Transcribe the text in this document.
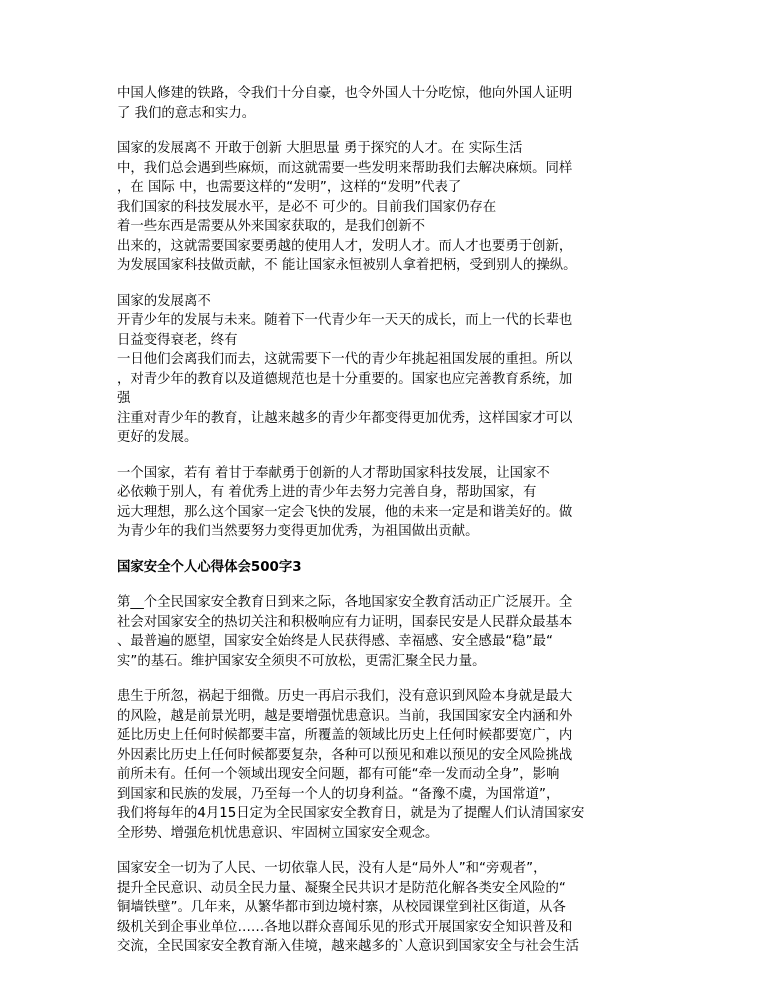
中国人修建的铁路，令我们十分自豪，也令外国人十分吃惊，他向外国人证明
了 我们的意志和实力。
国家的发展离不 开敢于创新 大胆思量 勇于探究的人才。在 实际生活
中，我们总会遇到些麻烦，而这就需要一些发明来帮助我们去解决麻烦。同样
，在 国际 中，也需要这样的“发明”，这样的“发明”代表了
我们国家的科技发展水平，是必不 可少的。目前我们国家仍存在
着一些东西是需要从外来国家获取的，是我们创新不
出来的，这就需要国家要勇越的使用人才，发明人才。而人才也要勇于创新，
为发展国家科技做贡献，不 能让国家永恒被别人拿着把柄，受到别人的操纵。
国家的发展离不
开青少年的发展与未来。随着下一代青少年一天天的成长，而上一代的长辈也
日益变得衰老，终有
一日他们会离我们而去，这就需要下一代的青少年挑起祖国发展的重担。所以
，对青少年的教育以及道德规范也是十分重要的。国家也应完善教育系统，加
强
注重对青少年的教育，让越来越多的青少年都变得更加优秀，这样国家才可以
更好的发展。
一个国家，若有 着甘于奉献勇于创新的人才帮助国家科技发展，让国家不
必依赖于别人，有 着优秀上进的青少年去努力完善自身，帮助国家，有
远大理想，那么这个国家一定会飞快的发展，他的未来一定是和谐美好的。做
为青少年的我们当然要努力变得更加优秀，为祖国做出贡献。
国家安全个人心得体会500字3
第__个全民国家安全教育日到来之际，各地国家安全教育活动正广泛展开。全
社会对国家安全的热切关注和积极响应有力证明，国泰民安是人民群众最基本
、最普遍的愿望，国家安全始终是人民获得感、幸福感、安全感最“稳”最“
实”的基石。维护国家安全须臾不可放松，更需汇聚全民力量。
患生于所忽，祸起于细微。历史一再启示我们，没有意识到风险本身就是最大
的风险，越是前景光明，越是要增强忧患意识。当前，我国国家安全内涵和外
延比历史上任何时候都要丰富，所覆盖的领域比历史上任何时候都要宽广，内
外因素比历史上任何时候都要复杂，各种可以预见和难以预见的安全风险挑战
前所未有。任何一个领域出现安全问题，都有可能“牵一发而动全身”，影响
到国家和民族的发展，乃至每一个人的切身利益。“备豫不虞，为国常道”，
我们将每年的4月15日定为全民国家安全教育日，就是为了提醒人们认清国家安
全形势、增强危机忧患意识、牢固树立国家安全观念。
国家安全一切为了人民、一切依靠人民，没有人是“局外人”和“旁观者”，
提升全民意识、动员全民力量、凝聚全民共识才是防范化解各类安全风险的“
铜墙铁壁”。几年来，从繁华都市到边境村寨，从校园课堂到社区街道，从各
级机关到企事业单位……各地以群众喜闻乐见的形式开展国家安全知识普及和
交流，全民国家安全教育渐入佳境，越来越多的`人意识到国家安全与社会生活
